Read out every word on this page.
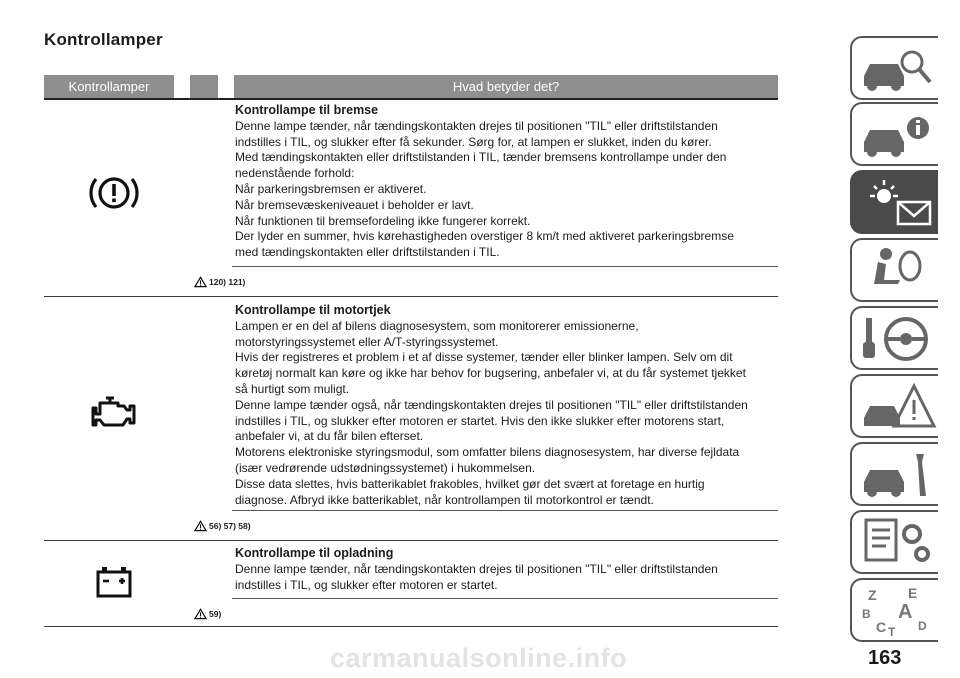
Kontrollamper
Kontrollamper	Hvad betyder det?
Kontrollampe til bremse

Denne lampe tænder, når tændingskontakten drejes til positionen "TIL" eller driftstilstanden

indstilles i TIL, og slukker efter få sekunder. Sørg for, at lampen er slukket, inden du kører.

Med tændingskontakten eller driftstilstanden i TIL, tænder bremsens kontrollampe under den

nedenstående forhold:

Når parkeringsbremsen er aktiveret.

Når bremsevæskeniveauet i beholder er lavt.

Når funktionen til bremsefordeling ikke fungerer korrekt.

Der lyder en summer, hvis kørehastigheden overstiger 8 km/t med aktiveret parkeringsbremse

med tændingskontakten eller driftstilstanden i TIL.

120) 121)
Kontrollampe til motortjek

Lampen er en del af bilens diagnosesystem, som monitorerer emissionerne,

motorstyringssystemet eller A/T-styringssystemet.

Hvis der registreres et problem i et af disse systemer, tænder eller blinker lampen. Selv om dit

køretøj normalt kan køre og ikke har behov for bugsering, anbefaler vi, at du får systemet tjekket

så hurtigt som muligt.

Denne lampe tænder også, når tændingskontakten drejes til positionen "TIL" eller driftstilstanden

indstilles i TIL, og slukker efter motoren er startet. Hvis den ikke slukker efter motorens start,

anbefaler vi, at du får bilen efterset.

Motorens elektroniske styringsmodul, som omfatter bilens diagnosesystem, har diverse fejldata

(især vedrørende udstødningssystemet) i hukommelsen.

Disse data slettes, hvis batterikablet frakobles, hvilket gør det svært at foretage en hurtig

diagnose. Afbryd ikke batterikablet, når kontrollampen til motorkontrol er tændt.

56) 57) 58)
Kontrollampe til opladning

Denne lampe tænder, når tændingskontakten drejes til positionen "TIL" eller driftstilstanden

indstilles i TIL, og slukker efter motoren er startet.

59)
Z E
B A
C T D
carmanualsonline.info	163
